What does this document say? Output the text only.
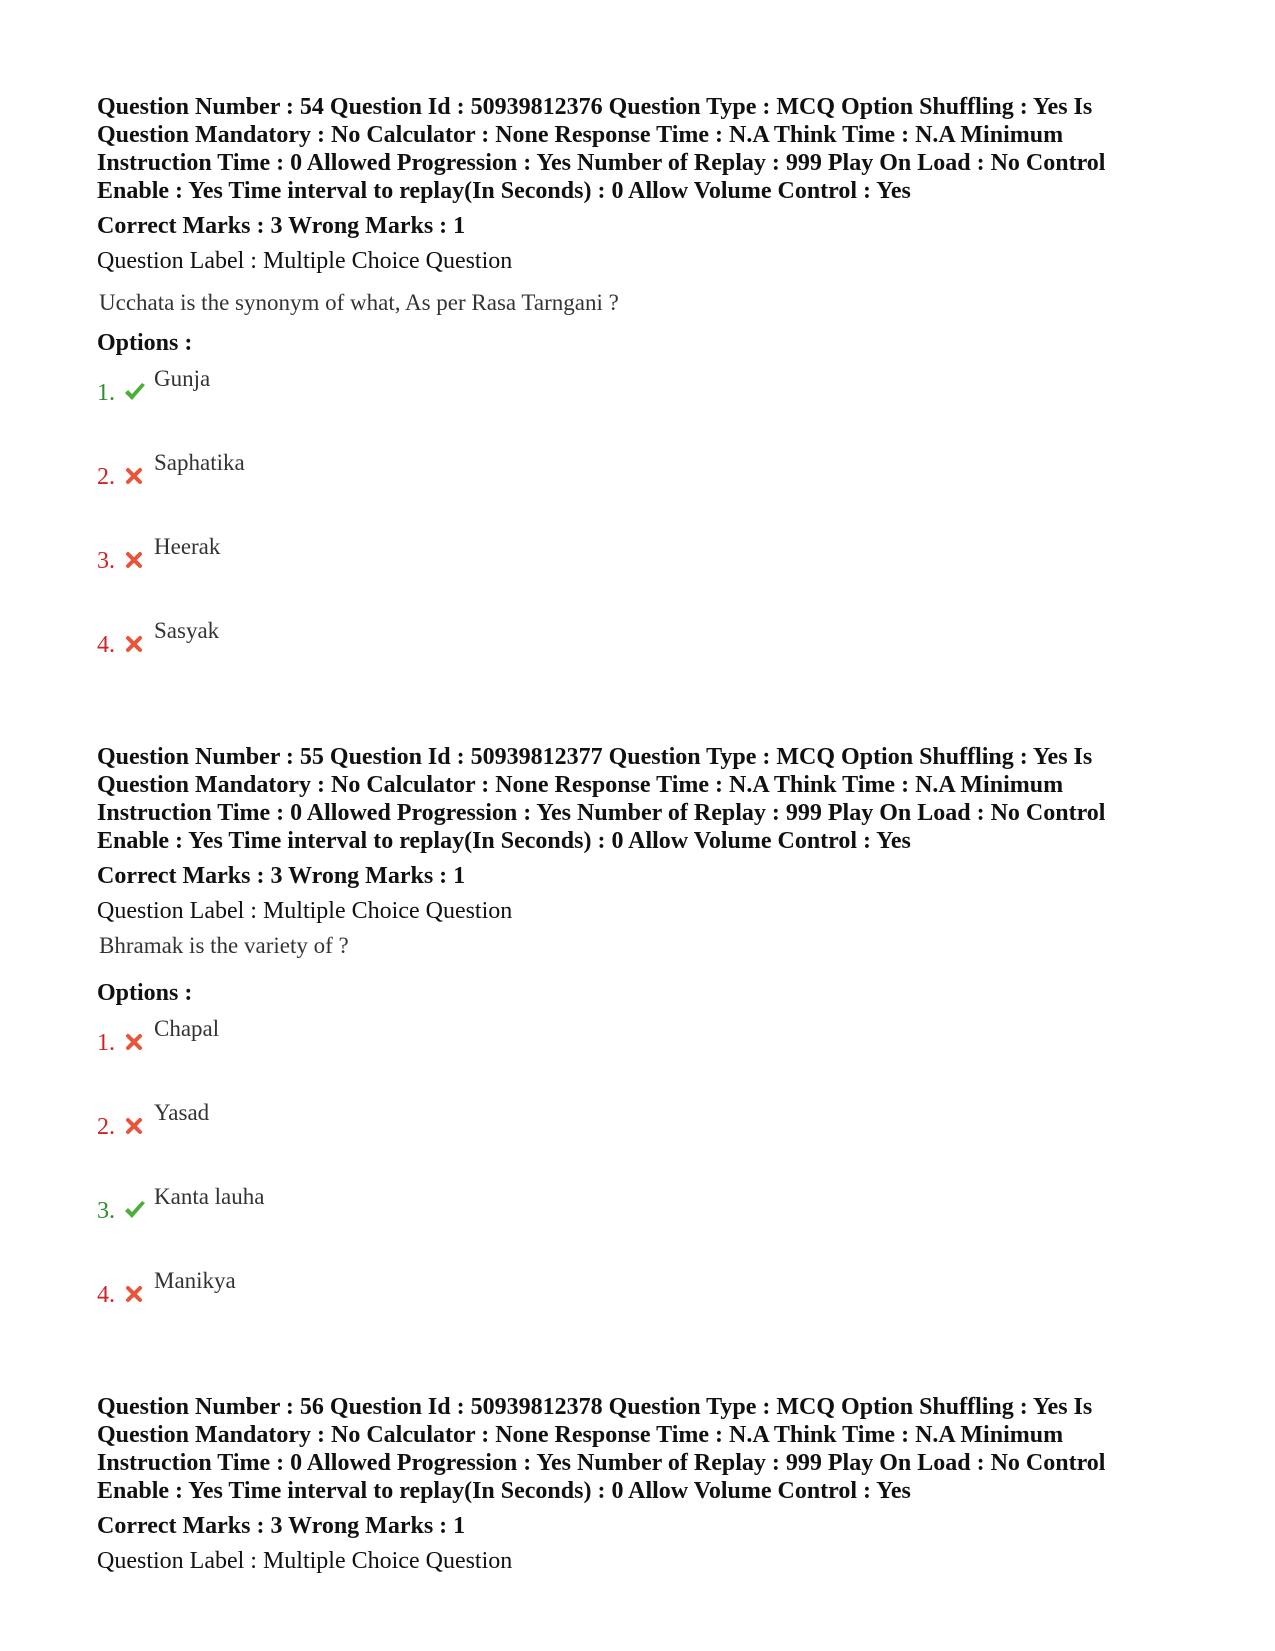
Question Number : 54 Question Id : 50939812376 Question Type : MCQ Option Shuffling : Yes Is
Question Mandatory : No Calculator : None Response Time : N.A Think Time : N.A Minimum
Instruction Time : 0 Allowed Progression : Yes Number of Replay : 999 Play On Load : No Control
Enable : Yes Time interval to replay(In Seconds) : 0 Allow Volume Control : Yes
Correct Marks : 3 Wrong Marks : 1
Question Label : Multiple Choice Question
Ucchata is the synonym of what, As per Rasa Tarngani ?
Options :
1.
Gunja
2.
Saphatika
3.
Heerak
4.
Sasyak
Question Number : 55 Question Id : 50939812377 Question Type : MCQ Option Shuffling : Yes Is
Question Mandatory : No Calculator : None Response Time : N.A Think Time : N.A Minimum
Instruction Time : 0 Allowed Progression : Yes Number of Replay : 999 Play On Load : No Control
Enable : Yes Time interval to replay(In Seconds) : 0 Allow Volume Control : Yes
Correct Marks : 3 Wrong Marks : 1
Question Label : Multiple Choice Question
Bhramak is the variety of ?
Options :
1.
Chapal
2.
Yasad
3.
Kanta lauha
4.
Manikya
Question Number : 56 Question Id : 50939812378 Question Type : MCQ Option Shuffling : Yes Is
Question Mandatory : No Calculator : None Response Time : N.A Think Time : N.A Minimum
Instruction Time : 0 Allowed Progression : Yes Number of Replay : 999 Play On Load : No Control
Enable : Yes Time interval to replay(In Seconds) : 0 Allow Volume Control : Yes
Correct Marks : 3 Wrong Marks : 1
Question Label : Multiple Choice Question
